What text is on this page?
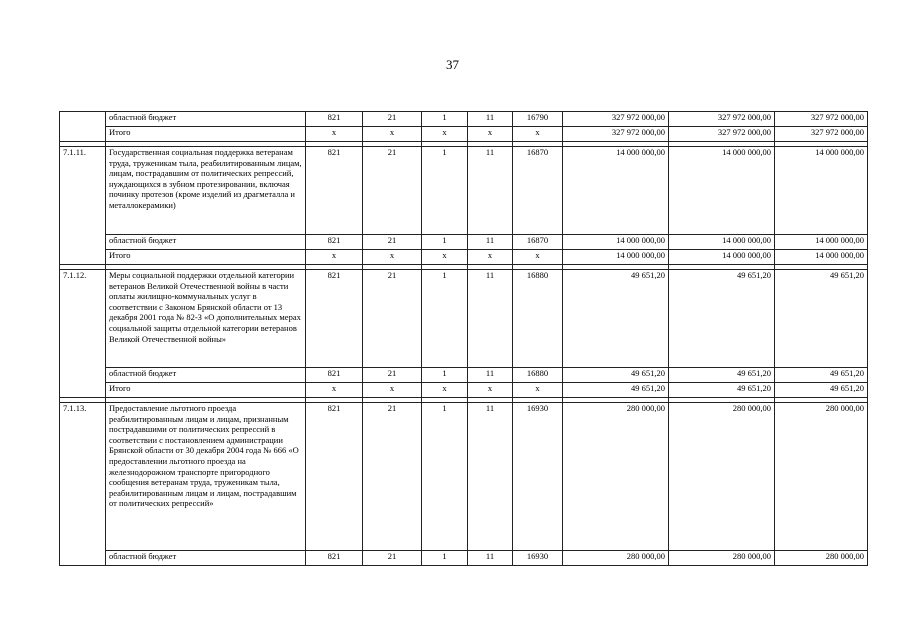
37
	областной бюджет	821	21	1	11	16790	327 972 000,00	327 972 000,00	327 972 000,00
	Итого	х	х	х	х	х	327 972 000,00	327 972 000,00	327 972 000,00

7.1.11.	Государственная социальная поддержка ветеранам труда, труженикам тыла, реабилитированным лицам, лицам, пострадавшим от политических репрессий, нуждающихся в зубном протезировании, включая починку протезов (кроме изделий из драгметалла и металлокерамики)	821	21	1	11	16870	14 000 000,00	14 000 000,00	14 000 000,00
	областной бюджет	821	21	1	11	16870	14 000 000,00	14 000 000,00	14 000 000,00
	Итого	х	х	х	х	х	14 000 000,00	14 000 000,00	14 000 000,00

7.1.12.	Меры социальной поддержки отдельной категории ветеранов Великой Отечественной войны в части оплаты жилищно-коммунальных услуг в соответствии с Законом Брянской области от 13 декабря 2001 года № 82-З «О дополнительных мерах социальной защиты отдельной категории ветеранов Великой Отечественной войны»	821	21	1	11	16880	49 651,20	49 651,20	49 651,20
	областной бюджет	821	21	1	11	16880	49 651,20	49 651,20	49 651,20
	Итого	х	х	х	х	х	49 651,20	49 651,20	49 651,20

7.1.13.	Предоставление льготного проезда реабилитированным лицам и лицам, признанным пострадавшими от политических репрессий в соответствии с постановлением администрации Брянской области от 30 декабря 2004 года № 666 «О предоставлении льготного проезда на железнодорожном транспорте пригородного сообщения ветеранам труда, труженикам тыла, реабилитированным лицам и лицам, пострадавшим от политических репрессий»	821	21	1	11	16930	280 000,00	280 000,00	280 000,00
	областной бюджет	821	21	1	11	16930	280 000,00	280 000,00	280 000,00
